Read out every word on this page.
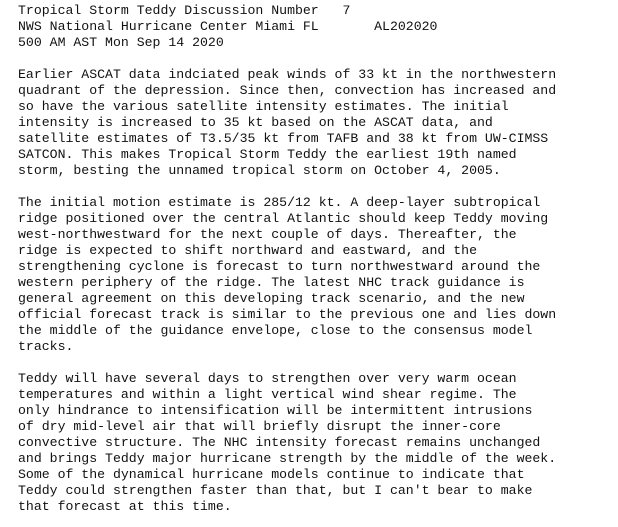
Tropical Storm Teddy Discussion Number   7
NWS National Hurricane Center Miami FL       AL202020
500 AM AST Mon Sep 14 2020
Earlier ASCAT data indciated peak winds of 33 kt in the northwestern
quadrant of the depression. Since then, convection has increased and
so have the various satellite intensity estimates. The initial
intensity is increased to 35 kt based on the ASCAT data, and
satellite estimates of T3.5/35 kt from TAFB and 38 kt from UW-CIMSS
SATCON. This makes Tropical Storm Teddy the earliest 19th named
storm, besting the unnamed tropical storm on October 4, 2005.
The initial motion estimate is 285/12 kt. A deep-layer subtropical
ridge positioned over the central Atlantic should keep Teddy moving
west-northwestward for the next couple of days. Thereafter, the
ridge is expected to shift northward and eastward, and the
strengthening cyclone is forecast to turn northwestward around the
western periphery of the ridge. The latest NHC track guidance is
general agreement on this developing track scenario, and the new
official forecast track is similar to the previous one and lies down
the middle of the guidance envelope, close to the consensus model
tracks.
Teddy will have several days to strengthen over very warm ocean
temperatures and within a light vertical wind shear regime. The
only hindrance to intensification will be intermittent intrusions
of dry mid-level air that will briefly disrupt the inner-core
convective structure. The NHC intensity forecast remains unchanged
and brings Teddy major hurricane strength by the middle of the week.
Some of the dynamical hurricane models continue to indicate that
Teddy could strengthen faster than that, but I can't bear to make
that forecast at this time.
